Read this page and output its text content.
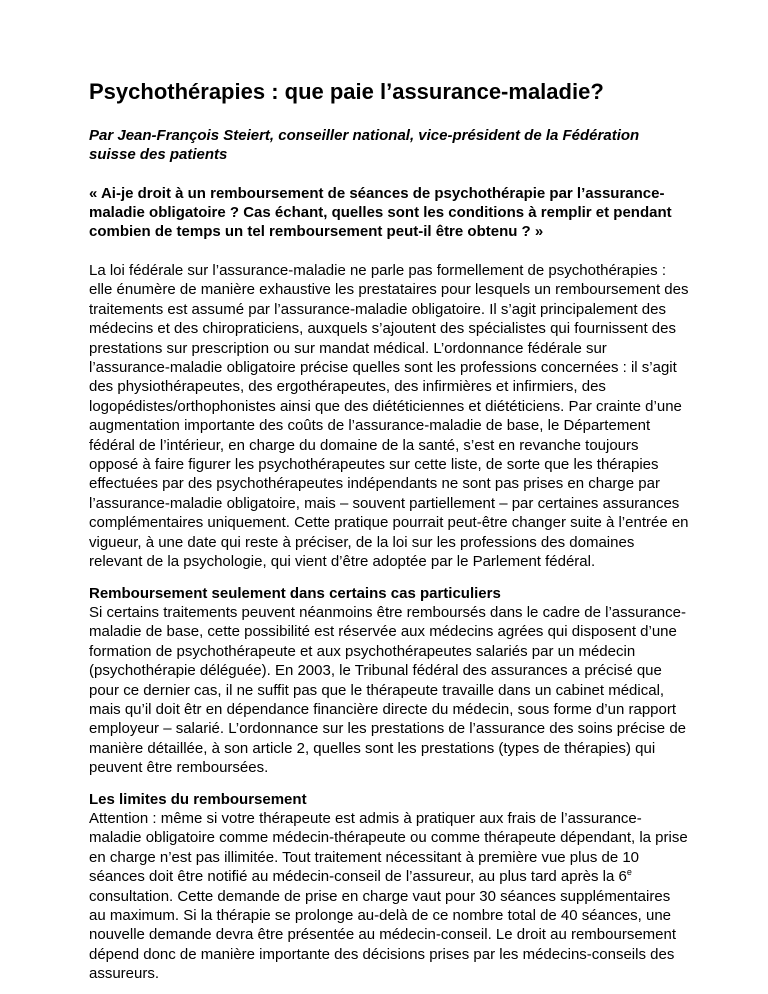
Psychothérapies : que paie l’assurance-maladie?

Par Jean-François Steiert, conseiller national, vice-président de la Fédération suisse des patients

« Ai-je droit à un remboursement de séances de psychothérapie par l’assurance-maladie obligatoire ? Cas échant, quelles sont les conditions à remplir et pendant combien de temps un tel remboursement peut-il être obtenu ? »

La loi fédérale sur l’assurance-maladie ne parle pas formellement de psychothérapies : elle énumère de manière exhaustive les prestataires pour lesquels un remboursement des traitements est assumé par l’assurance-maladie obligatoire. Il s’agit principalement des médecins et des chiropraticiens, auxquels s’ajoutent des spécialistes qui fournissent des prestations sur prescription ou sur mandat médical. L’ordonnance fédérale sur l’assurance-maladie obligatoire précise quelles sont les professions concernées : il s’agit des physiothérapeutes, des ergothérapeutes, des infirmières et infirmiers, des logopédistes/orthophonistes ainsi que des diététiciennes et diététiciens. Par crainte d’une augmentation importante des coûts de l’assurance-maladie de base, le Département fédéral de l’intérieur, en charge du domaine de la santé, s’est en revanche toujours opposé à faire figurer les psychothérapeutes sur cette liste, de sorte que les thérapies effectuées par des psychothérapeutes indépendants ne sont pas prises en charge par l’assurance-maladie obligatoire, mais – souvent partiellement – par certaines assurances complémentaires uniquement. Cette pratique pourrait peut-être changer suite à l’entrée en vigueur, à une date qui reste à préciser, de la loi sur les professions des domaines relevant de la psychologie, qui vient d’être adoptée par le Parlement fédéral.

Remboursement seulement dans certains cas particuliers

Si certains traitements peuvent néanmoins être remboursés dans le cadre de l’assurance-maladie de base, cette possibilité est réservée aux médecins agrées qui disposent d’une formation de psychothérapeute et aux psychothérapeutes salariés par un médecin (psychothérapie déléguée). En 2003, le Tribunal fédéral des assurances a précisé que pour ce dernier cas, il ne suffit pas que le thérapeute travaille dans un cabinet médical, mais qu’il doit êtr en dépendance financière directe du médecin, sous forme d’un rapport employeur – salarié. L’ordonnance sur les prestations de l’assurance des soins précise de manière détaillée, à son article 2, quelles sont les prestations (types de thérapies) qui peuvent être remboursées.

Les limites du remboursement

Attention : même si votre thérapeute est admis à pratiquer aux frais de l’assurance-maladie obligatoire comme médecin-thérapeute ou comme thérapeute dépendant, la prise en charge n’est pas illimitée. Tout traitement nécessitant à première vue plus de 10 séances doit être notifié au médecin-conseil de l’assureur, au plus tard après la 6e consultation. Cette demande de prise en charge vaut pour 30 séances supplémentaires au maximum. Si la thérapie se prolonge au-delà de ce nombre total de 40 séances, une nouvelle demande devra être présentée au médecin-conseil. Le droit au remboursement dépend donc de manière importante des décisions prises par les médecins-conseils des assureurs.
